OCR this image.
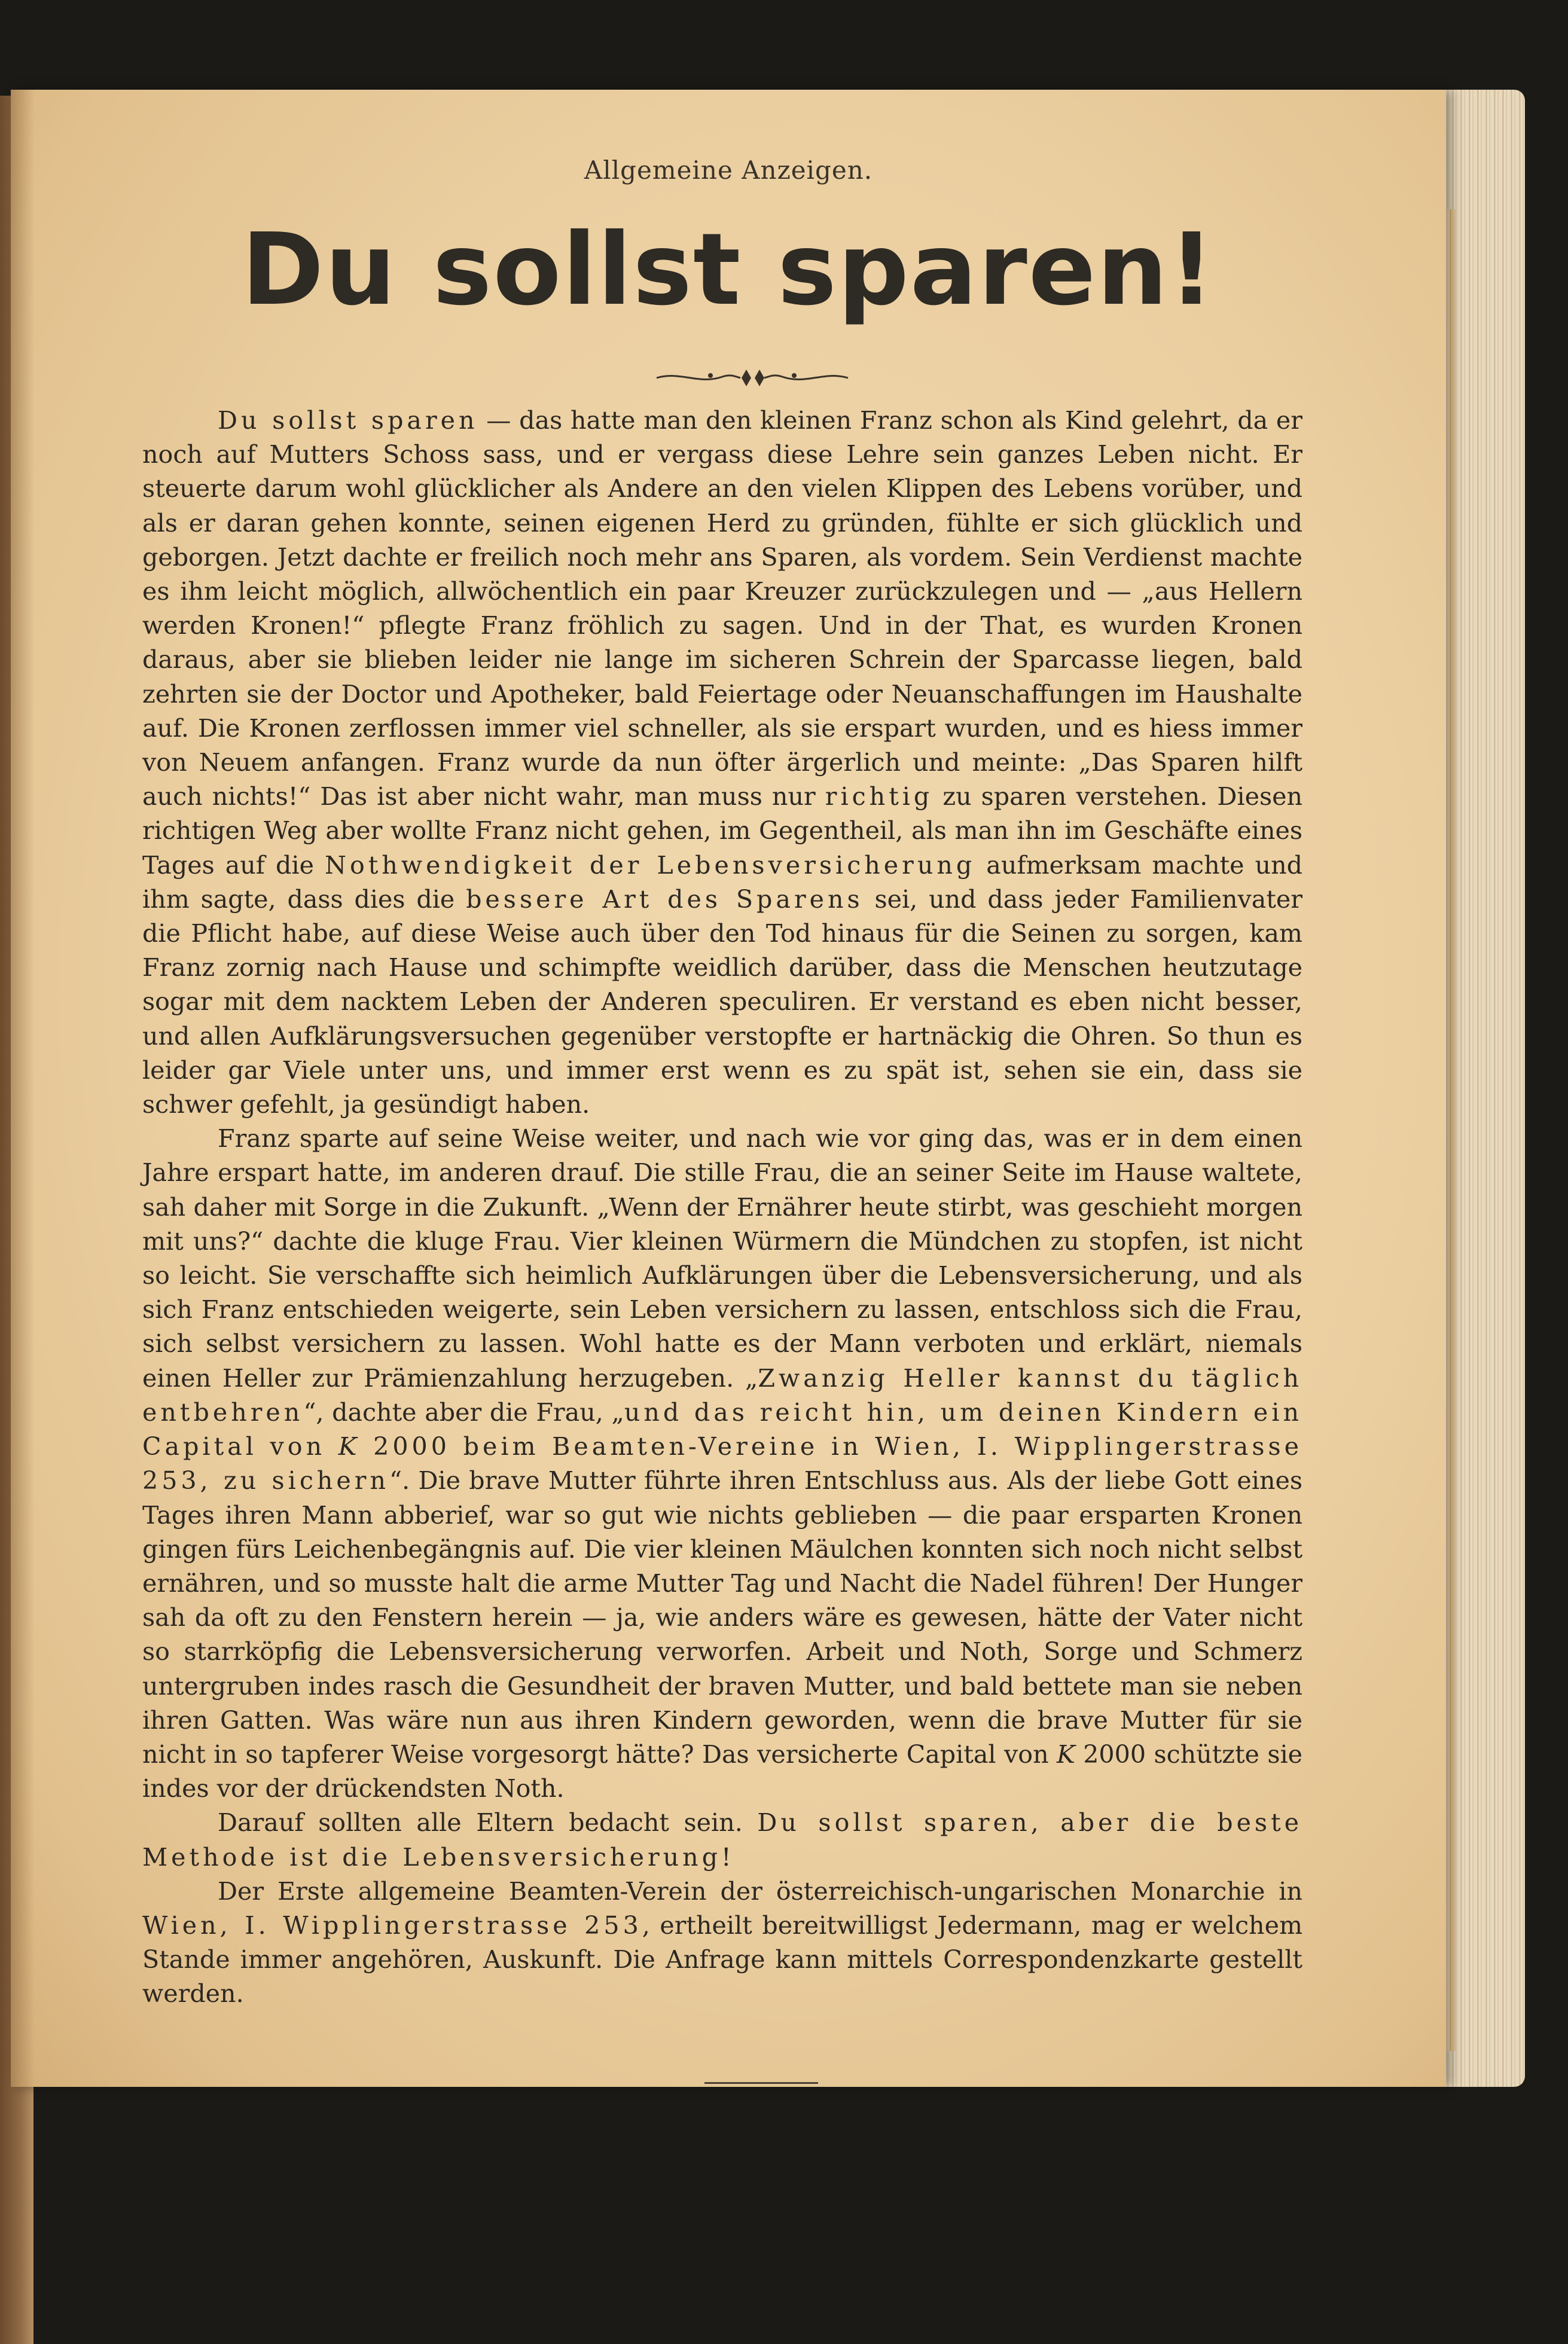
Allgemeine Anzeigen.
Du sollst sparen!

Du sollst sparen — das hatte man den kleinen Franz schon als Kind gelehrt, da er noch auf Mutters Schoss sass, und er vergass diese Lehre sein ganzes Leben nicht. Er steuerte darum wohl glücklicher als Andere an den vielen Klippen des Lebens vorüber, und als er daran gehen konnte, seinen eigenen Herd zu gründen, fühlte er sich glücklich und geborgen. Jetzt dachte er freilich noch mehr ans Sparen, als vordem. Sein Verdienst machte es ihm leicht möglich, allwöchentlich ein paar Kreuzer zurückzulegen und — „aus Hellern werden Kronen!“ pflegte Franz fröhlich zu sagen. Und in der That, es wurden Kronen daraus, aber sie blieben leider nie lange im sicheren Schrein der Sparcasse liegen, bald zehrten sie der Doctor und Apotheker, bald Feiertage oder Neuanschaffungen im Haushalte auf. Die Kronen zerflossen immer viel schneller, als sie erspart wurden, und es hiess immer von Neuem anfangen. Franz wurde da nun öfter ärgerlich und meinte: „Das Sparen hilft auch nichts!“ Das ist aber nicht wahr, man muss nur richtig zu sparen verstehen. Diesen richtigen Weg aber wollte Franz nicht gehen, im Gegentheil, als man ihn im Geschäfte eines Tages auf die Nothwendigkeit der Lebensversicherung aufmerksam machte und ihm sagte, dass dies die bessere Art des Sparens sei, und dass jeder Familienvater die Pflicht habe, auf diese Weise auch über den Tod hinaus für die Seinen zu sorgen, kam Franz zornig nach Hause und schimpfte weidlich darüber, dass die Menschen heutzutage sogar mit dem nacktem Leben der Anderen speculiren. Er verstand es eben nicht besser, und allen Aufklärungsversuchen gegenüber verstopfte er hartnäckig die Ohren. So thun es leider gar Viele unter uns, und immer erst wenn es zu spät ist, sehen sie ein, dass sie schwer gefehlt, ja gesündigt haben.

Franz sparte auf seine Weise weiter, und nach wie vor ging das, was er in dem einen Jahre erspart hatte, im anderen drauf. Die stille Frau, die an seiner Seite im Hause waltete, sah daher mit Sorge in die Zukunft. „Wenn der Ernährer heute stirbt, was geschieht morgen mit uns?“ dachte die kluge Frau. Vier kleinen Würmern die Mündchen zu stopfen, ist nicht so leicht. Sie verschaffte sich heimlich Aufklärungen über die Lebensversicherung, und als sich Franz entschieden weigerte, sein Leben versichern zu lassen, entschloss sich die Frau, sich selbst versichern zu lassen. Wohl hatte es der Mann verboten und erklärt, niemals einen Heller zur Prämienzahlung herzugeben. „Zwanzig Heller kannst du täglich entbehren“, dachte aber die Frau, „und das reicht hin, um deinen Kindern ein Capital von K 2000 beim Beamten-Vereine in Wien, I. Wipplingerstrasse 253, zu sichern“. Die brave Mutter führte ihren Entschluss aus. Als der liebe Gott eines Tages ihren Mann abberief, war so gut wie nichts geblieben — die paar ersparten Kronen gingen fürs Leichenbegängnis auf. Die vier kleinen Mäulchen konnten sich noch nicht selbst ernähren, und so musste halt die arme Mutter Tag und Nacht die Nadel führen! Der Hunger sah da oft zu den Fenstern herein — ja, wie anders wäre es gewesen, hätte der Vater nicht so starrköpfig die Lebensversicherung verworfen. Arbeit und Noth, Sorge und Schmerz untergruben indes rasch die Gesundheit der braven Mutter, und bald bettete man sie neben ihren Gatten. Was wäre nun aus ihren Kindern geworden, wenn die brave Mutter für sie nicht in so tapferer Weise vorgesorgt hätte? Das versicherte Capital von K 2000 schützte sie indes vor der drückendsten Noth.

Darauf sollten alle Eltern bedacht sein. Du sollst sparen, aber die beste Methode ist die Lebensversicherung!

Der Erste allgemeine Beamten-Verein der österreichisch-ungarischen Monarchie in Wien, I. Wipplingerstrasse 253, ertheilt bereitwilligst Jedermann, mag er welchem Stande immer angehören, Auskunft. Die Anfrage kann mittels Correspondenzkarte gestellt werden.
